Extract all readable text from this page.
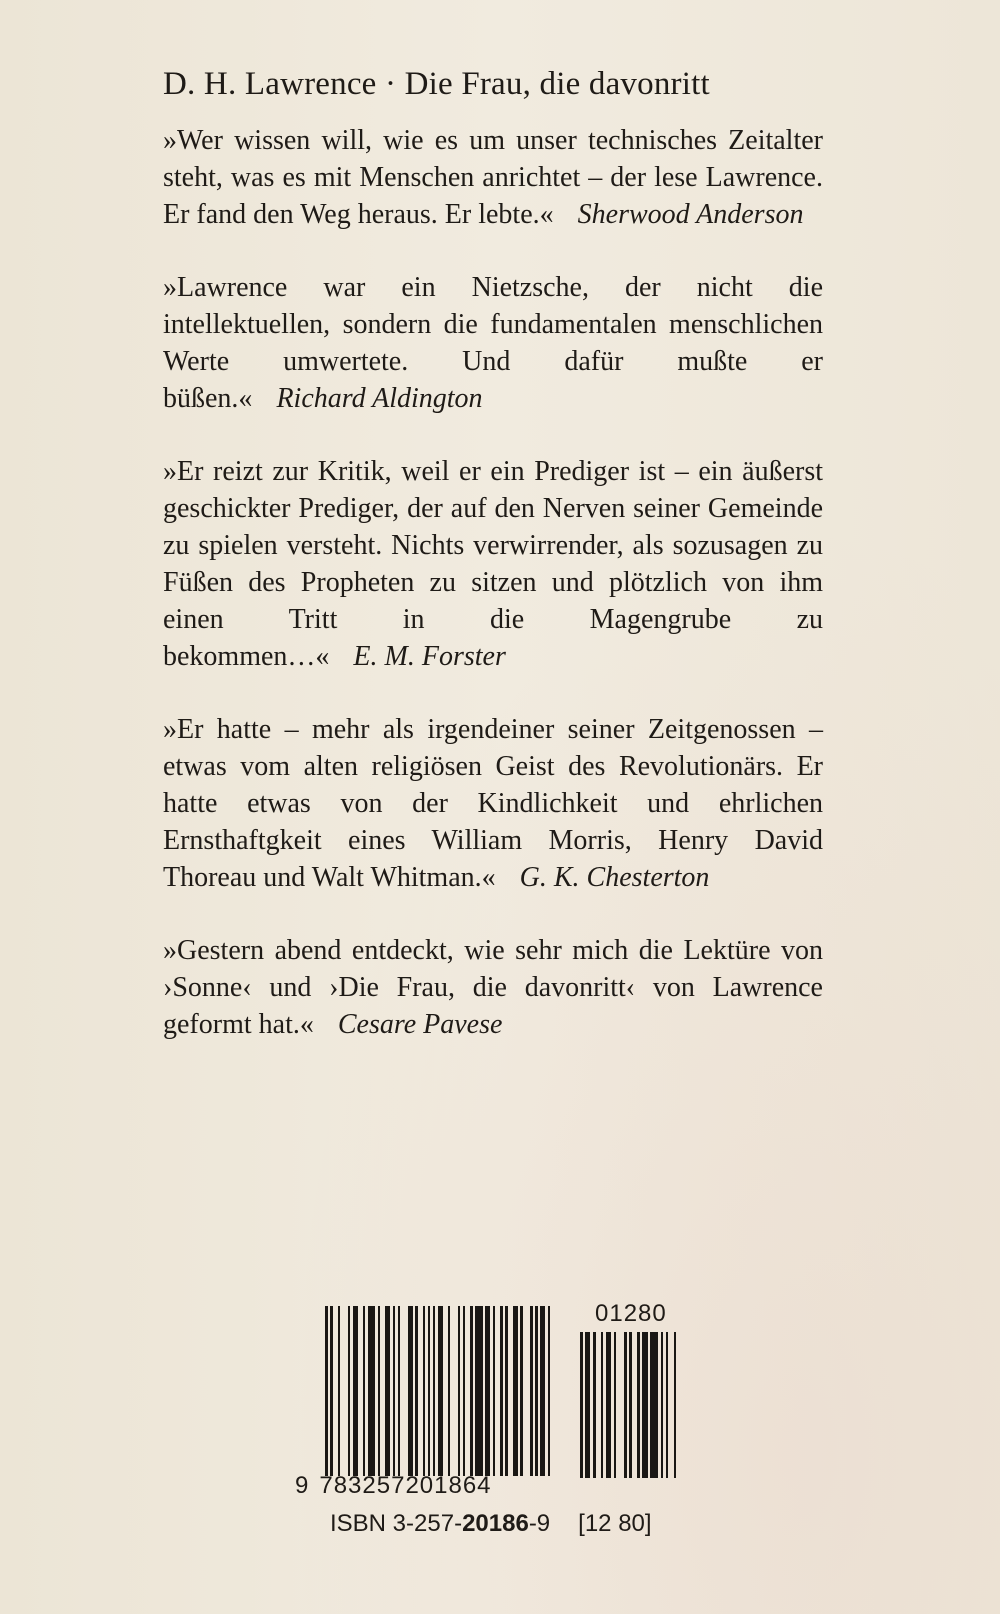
D. H. Lawrence · Die Frau, die davonritt

»Wer wissen will, wie es um unser technisches Zeitalter steht, was es mit Menschen anrichtet – der lese Lawrence. Er fand den Weg heraus. Er lebte.« Sherwood Anderson

»Lawrence war ein Nietzsche, der nicht die intellektuellen, sondern die fundamentalen menschlichen Werte umwertete. Und dafür mußte er büßen.« Richard Aldington

»Er reizt zur Kritik, weil er ein Prediger ist – ein äußerst geschickter Prediger, der auf den Nerven seiner Gemeinde zu spielen versteht. Nichts verwirrender, als sozusagen zu Füßen des Propheten zu sitzen und plötzlich von ihm einen Tritt in die Magengrube zu bekommen…« E. M. Forster

»Er hatte – mehr als irgendeiner seiner Zeitgenossen – etwas vom alten religiösen Geist des Revolutionärs. Er hatte etwas von der Kindlichkeit und ehrlichen Ernsthaftgkeit eines William Morris, Henry David Thoreau und Walt Whitman.« G. K. Chesterton

»Gestern abend entdeckt, wie sehr mich die Lektüre von ›Sonne‹ und ›Die Frau, die davonritt‹ von Lawrence geformt hat.« Cesare Pavese

01280
9 783257201864
ISBN 3-257-20186-9 [12 80]
